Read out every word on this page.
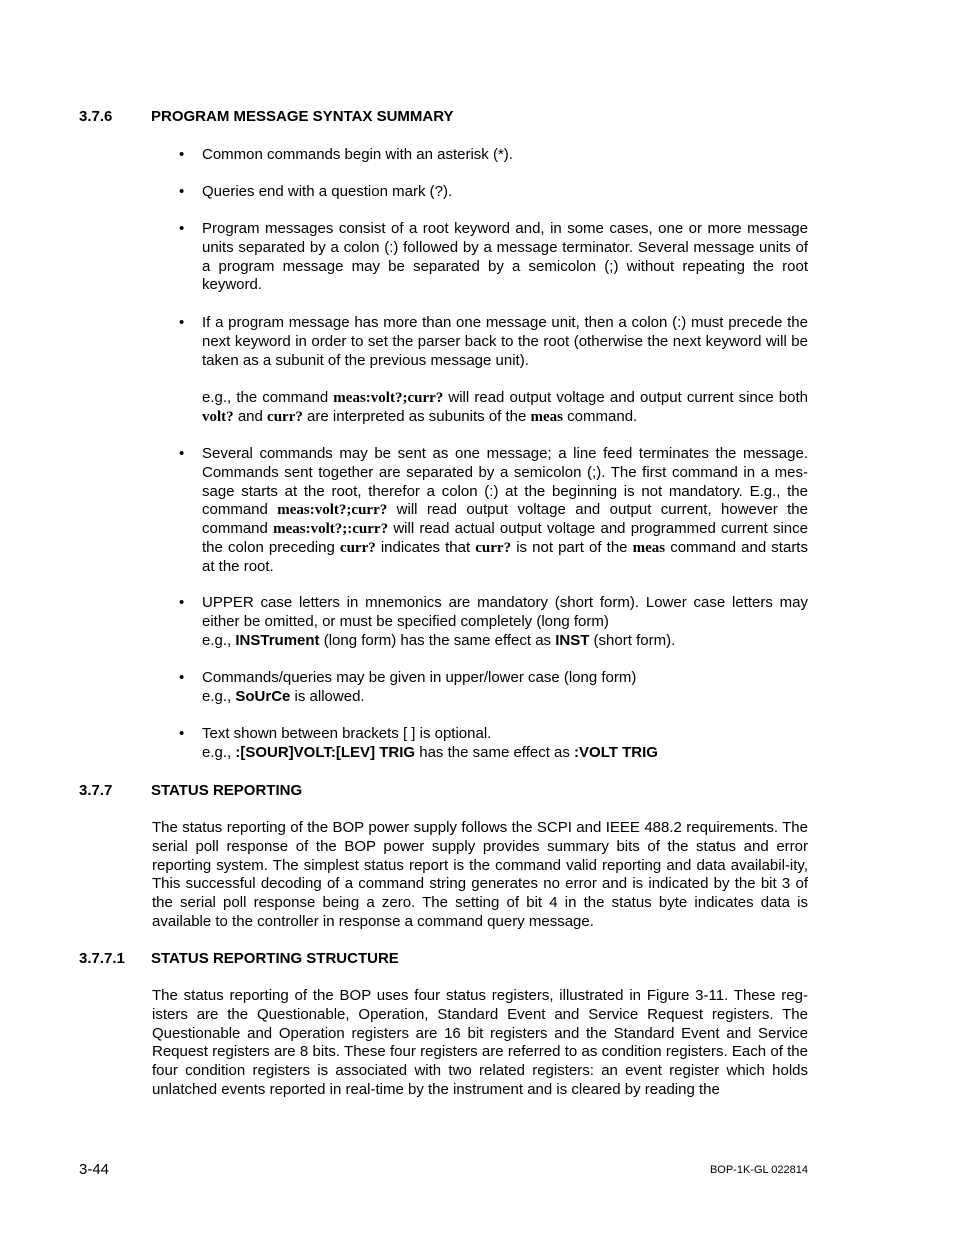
3.7.6	PROGRAM MESSAGE SYNTAX SUMMARY
• Common commands begin with an asterisk (*).

• Queries end with a question mark (?).

• Program messages consist of a root keyword and, in some cases, one or more message units separated by a colon (:) followed by a message terminator. Several message units of a program message may be separated by a semicolon (;) without repeating the root keyword.

• If a program message has more than one message unit, then a colon (:) must precede the next keyword in order to set the parser back to the root (otherwise the next keyword will be taken as a subunit of the previous message unit).

e.g., the command meas:volt?;curr? will read output voltage and output current since both volt? and curr? are interpreted as subunits of the meas command.

• Several commands may be sent as one message; a line feed terminates the message. Commands sent together are separated by a semicolon (;). The first command in a mes-sage starts at the root, therefor a colon (:) at the beginning is not mandatory. E.g., the command meas:volt?;curr? will read output voltage and output current, however the command meas:volt?;:curr? will read actual output voltage and programmed current since the colon preceding curr? indicates that curr? is not part of the meas command and starts at the root.

• UPPER case letters in mnemonics are mandatory (short form). Lower case letters may either be omitted, or must be specified completely (long form)

e.g., INSTrument (long form) has the same effect as INST (short form).

• Commands/queries may be given in upper/lower case (long form)

e.g., SoUrCe is allowed.

• Text shown between brackets [ ] is optional.

e.g., :[SOUR]VOLT:[LEV] TRIG has the same effect as :VOLT TRIG

3.7.7	STATUS REPORTING

The status reporting of the BOP power supply follows the SCPI and IEEE 488.2 requirements. The serial poll response of the BOP power supply provides summary bits of the status and error reporting system. The simplest status report is the command valid reporting and data availabil-ity, This successful decoding of a command string generates no error and is indicated by the bit 3 of the serial poll response being a zero. The setting of bit 4 in the status byte indicates data is available to the controller in response a command query message.

3.7.7.1 STATUS REPORTING STRUCTURE

The status reporting of the BOP uses four status registers, illustrated in Figure 3-11. These reg-isters are the Questionable, Operation, Standard Event and Service Request registers. The Questionable and Operation registers are 16 bit registers and the Standard Event and Service Request registers are 8 bits. These four registers are referred to as condition registers. Each of the four condition registers is associated with two related registers: an event register which holds unlatched events reported in real-time by the instrument and is cleared by reading the

3-44	BOP-1K-GL 022814
